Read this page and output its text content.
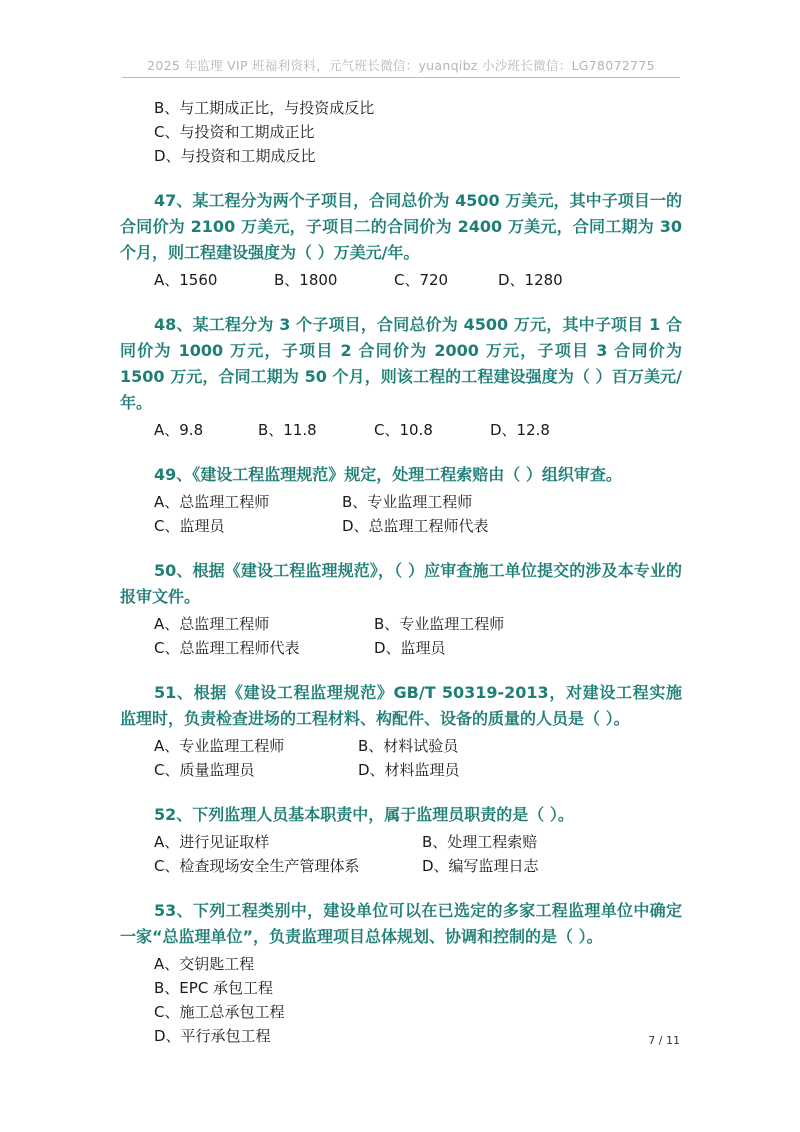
2025 年监理 VIP 班福利资料，元气班长微信：yuanqibz 小沙班长微信：LG78072775
B、与工期成正比，与投资成反比
C、与投资和工期成正比
D、与投资和工期成反比
47、某工程分为两个子项目，合同总价为 4500 万美元，其中子项目一的合同价为 2100 万美元，子项目二的合同价为 2400 万美元，合同工期为 30 个月，则工程建设强度为（ ）万美元/年。
A、1560	B、1800	C、720	D、1280
48、某工程分为 3 个子项目，合同总价为 4500 万元，其中子项目 1 合同价为 1000 万元，子项目 2 合同价为 2000 万元，子项目 3 合同价为 1500 万元，合同工期为 50 个月，则该工程的工程建设强度为（ ）百万美元/年。
A、9.8	B、11.8	C、10.8	D、12.8
49、《建设工程监理规范》规定，处理工程索赔由（ ）组织审查。
A、总监理工程师	B、专业监理工程师
C、监理员	D、总监理工程师代表
50、根据《建设工程监理规范》，（ ）应审查施工单位提交的涉及本专业的报审文件。
A、总监理工程师	B、专业监理工程师
C、总监理工程师代表	D、监理员
51、根据《建设工程监理规范》GB/T 50319-2013，对建设工程实施监理时，负责检查进场的工程材料、构配件、设备的质量的人员是（ ）。
A、专业监理工程师	B、材料试验员
C、质量监理员	D、材料监理员
52、下列监理人员基本职责中，属于监理员职责的是（ ）。
A、进行见证取样	B、处理工程索赔
C、检查现场安全生产管理体系	D、编写监理日志
53、下列工程类别中，建设单位可以在已选定的多家工程监理单位中确定一家“总监理单位”，负责监理项目总体规划、协调和控制的是（ ）。
A、交钥匙工程
B、EPC 承包工程
C、施工总承包工程
D、平行承包工程	7 / 11
